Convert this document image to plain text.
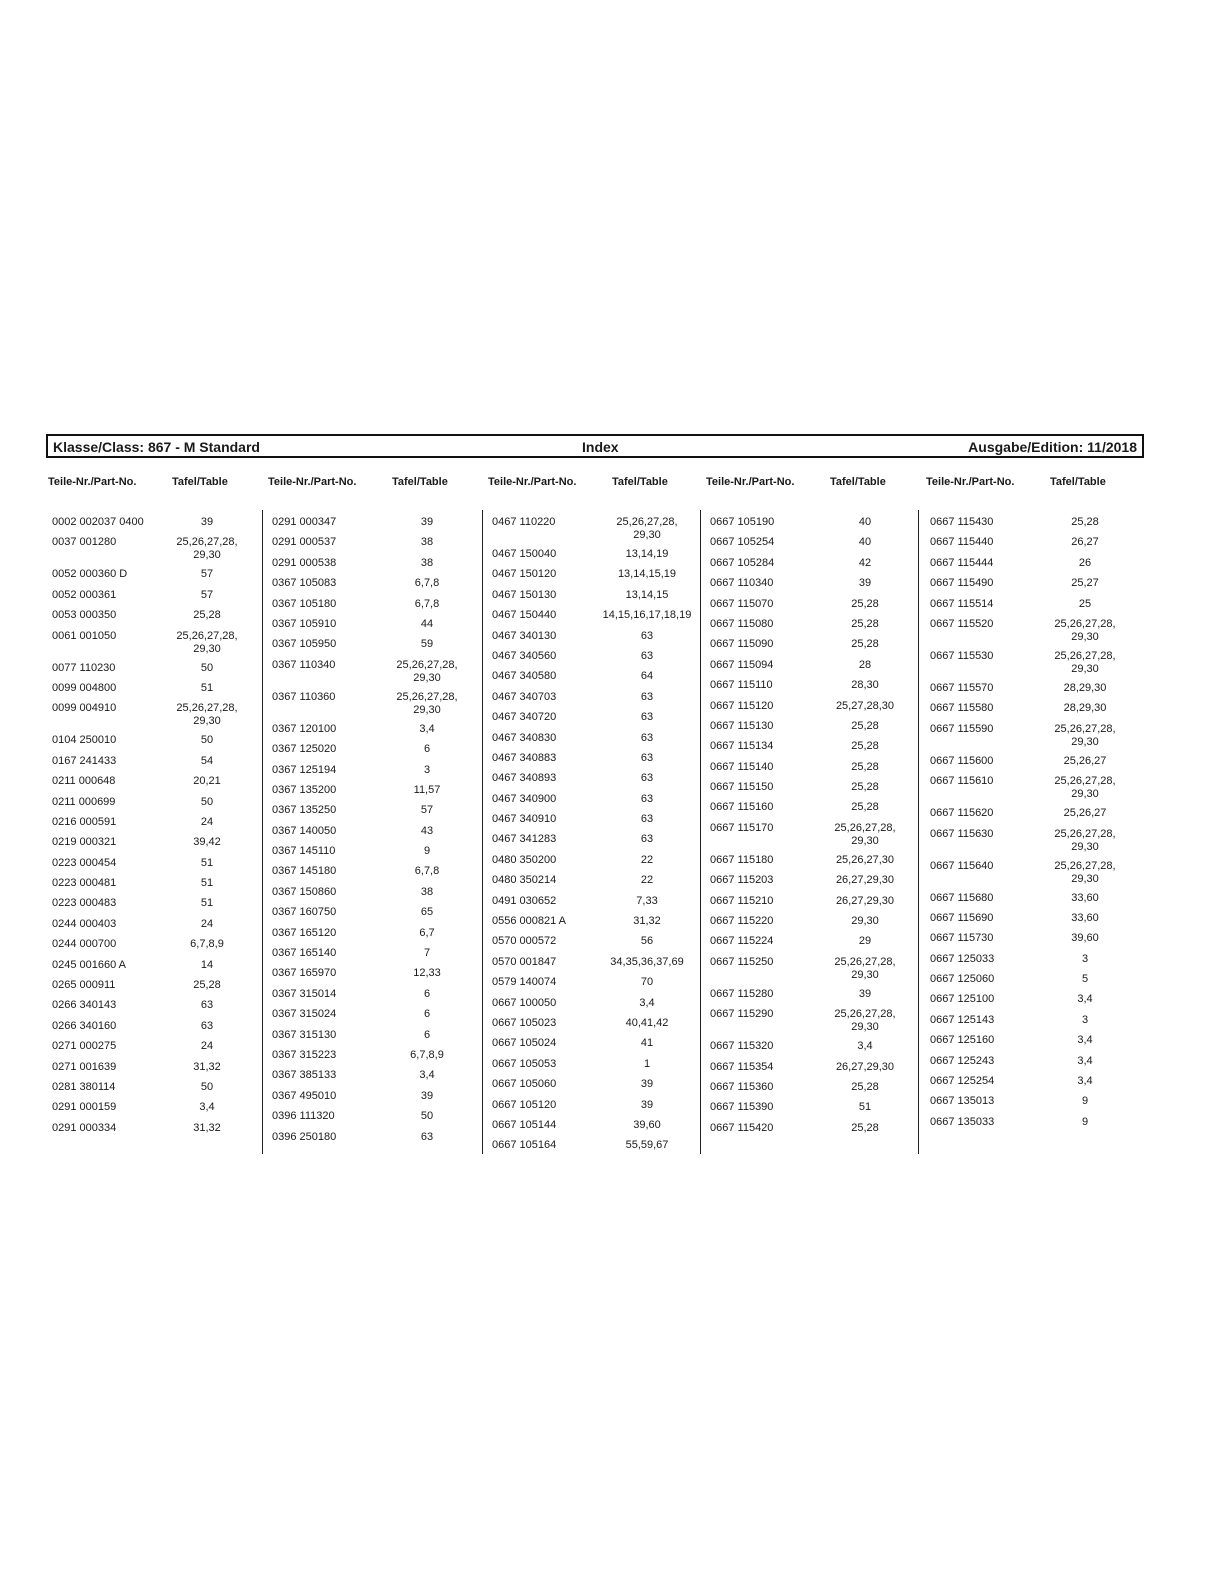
Klasse/Class: 867 - M Standard	Index	Ausgabe/Edition: 11/2018
Teile-Nr./Part-No.	Tafel/Table	Teile-Nr./Part-No.	Tafel/Table	Teile-Nr./Part-No.	Tafel/Table	Teile-Nr./Part-No.	Tafel/Table	Teile-Nr./Part-No.	Tafel/Table
0002 002037 0400	39
0037 001280	25,26,27,28,
29,30
0052 000360 D	57
0052 000361	57
0053 000350	25,28
0061 001050	25,26,27,28,
29,30
0077 110230	50
0099 004800	51
0099 004910	25,26,27,28,
29,30
0104 250010	50
0167 241433	54
0211 000648	20,21
0211 000699	50
0216 000591	24
0219 000321	39,42
0223 000454	51
0223 000481	51
0223 000483	51
0244 000403	24
0244 000700	6,7,8,9
0245 001660 A	14
0265 000911	25,28
0266 340143	63
0266 340160	63
0271 000275	24
0271 001639	31,32
0281 380114	50
0291 000159	3,4
0291 000334	31,32
0291 000347	39
0291 000537	38
0291 000538	38
0367 105083	6,7,8
0367 105180	6,7,8
0367 105910	44
0367 105950	59
0367 110340	25,26,27,28,
29,30
0367 110360	25,26,27,28,
29,30
0367 120100	3,4
0367 125020	6
0367 125194	3
0367 135200	11,57
0367 135250	57
0367 140050	43
0367 145110	9
0367 145180	6,7,8
0367 150860	38
0367 160750	65
0367 165120	6,7
0367 165140	7
0367 165970	12,33
0367 315014	6
0367 315024	6
0367 315130	6
0367 315223	6,7,8,9
0367 385133	3,4
0367 495010	39
0396 111320	50
0396 250180	63
0467 110220	25,26,27,28,
29,30
0467 150040	13,14,19
0467 150120	13,14,15,19
0467 150130	13,14,15
0467 150440	14,15,16,17,18,19
0467 340130	63
0467 340560	63
0467 340580	64
0467 340703	63
0467 340720	63
0467 340830	63
0467 340883	63
0467 340893	63
0467 340900	63
0467 340910	63
0467 341283	63
0480 350200	22
0480 350214	22
0491 030652	7,33
0556 000821 A	31,32
0570 000572	56
0570 001847	34,35,36,37,69
0579 140074	70
0667 100050	3,4
0667 105023	40,41,42
0667 105024	41
0667 105053	1
0667 105060	39
0667 105120	39
0667 105144	39,60
0667 105164	55,59,67
0667 105190	40
0667 105254	40
0667 105284	42
0667 110340	39
0667 115070	25,28
0667 115080	25,28
0667 115090	25,28
0667 115094	28
0667 115110	28,30
0667 115120	25,27,28,30
0667 115130	25,28
0667 115134	25,28
0667 115140	25,28
0667 115150	25,28
0667 115160	25,28
0667 115170	25,26,27,28,
29,30
0667 115180	25,26,27,30
0667 115203	26,27,29,30
0667 115210	26,27,29,30
0667 115220	29,30
0667 115224	29
0667 115250	25,26,27,28,
29,30
0667 115280	39
0667 115290	25,26,27,28,
29,30
0667 115320	3,4
0667 115354	26,27,29,30
0667 115360	25,28
0667 115390	51
0667 115420	25,28
0667 115430	25,28
0667 115440	26,27
0667 115444	26
0667 115490	25,27
0667 115514	25
0667 115520	25,26,27,28,
29,30
0667 115530	25,26,27,28,
29,30
0667 115570	28,29,30
0667 115580	28,29,30
0667 115590	25,26,27,28,
29,30
0667 115600	25,26,27
0667 115610	25,26,27,28,
29,30
0667 115620	25,26,27
0667 115630	25,26,27,28,
29,30
0667 115640	25,26,27,28,
29,30
0667 115680	33,60
0667 115690	33,60
0667 115730	39,60
0667 125033	3
0667 125060	5
0667 125100	3,4
0667 125143	3
0667 125160	3,4
0667 125243	3,4
0667 125254	3,4
0667 135013	9
0667 135033	9
